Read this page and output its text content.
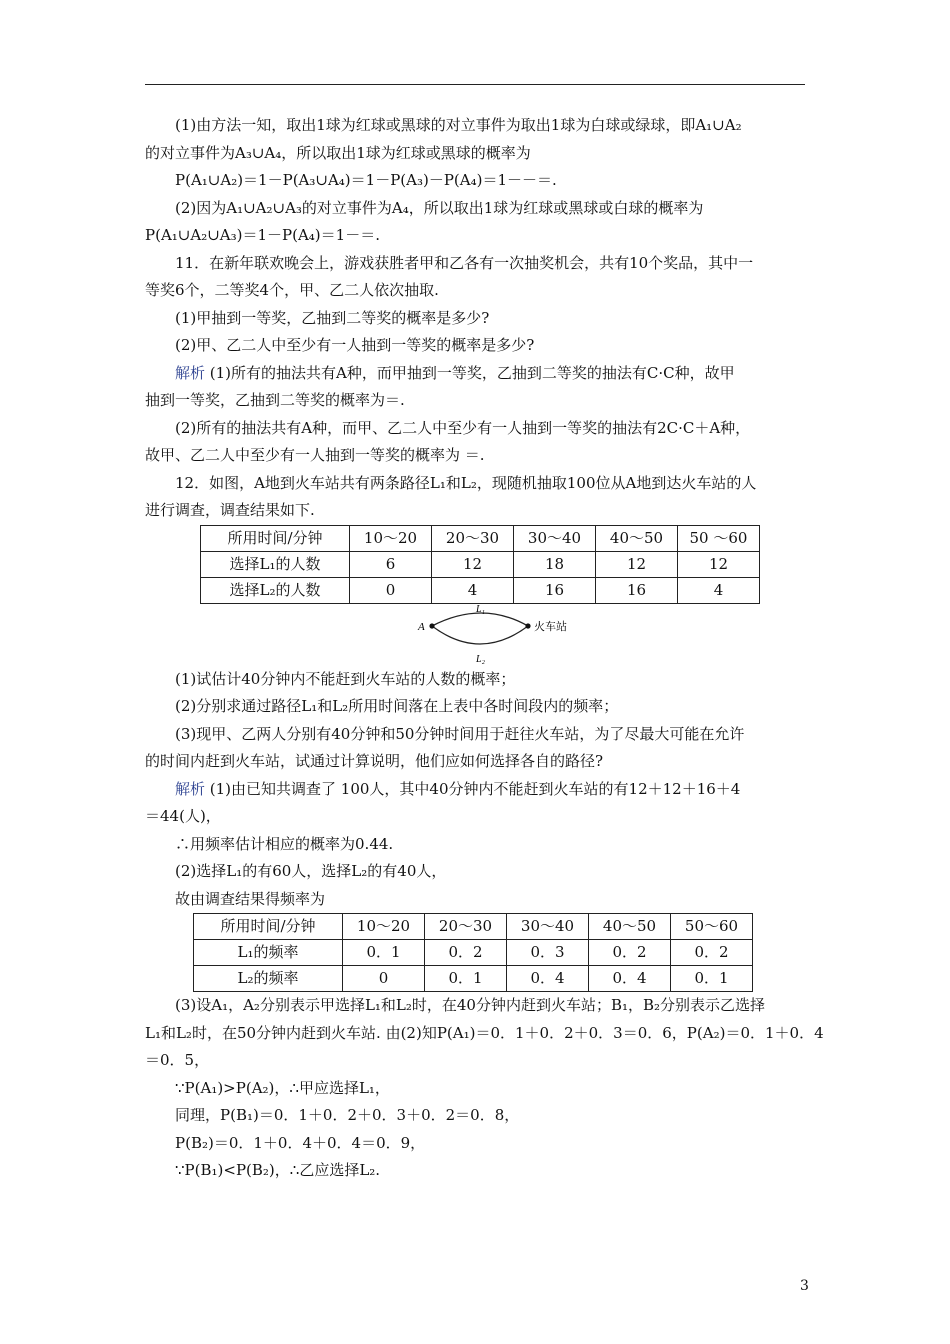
(1)由方法一知，取出1球为红球或黑球的对立事件为取出1球为白球或绿球，即A₁∪A₂

的对立事件为A₃∪A₄，所以取出1球为红球或黑球的概率为

P(A₁∪A₂)＝1－P(A₃∪A₄)＝1－P(A₃)－P(A₄)＝1－－＝.

(2)因为A₁∪A₂∪A₃的对立事件为A₄，所以取出1球为红球或黑球或白球的概率为

P(A₁∪A₂∪A₃)＝1－P(A₄)＝1－＝.

11．在新年联欢晚会上，游戏获胜者甲和乙各有一次抽奖机会，共有10个奖品，其中一

等奖6个，二等奖4个，甲、乙二人依次抽取.

(1)甲抽到一等奖，乙抽到二等奖的概率是多少?

(2)甲、乙二人中至少有一人抽到一等奖的概率是多少?

解析 (1)所有的抽法共有A种，而甲抽到一等奖，乙抽到二等奖的抽法有C·C种，故甲

抽到一等奖，乙抽到二等奖的概率为＝.

(2)所有的抽法共有A种，而甲、乙二人中至少有一人抽到一等奖的抽法有2C·C＋A种，

故甲、乙二人中至少有一人抽到一等奖的概率为 ＝.

12．如图，A地到火车站共有两条路径L₁和L₂，现随机抽取100位从A地到达火车站的人

进行调查，调查结果如下.

所用时间/分钟	10～20	20～30	30～40	40～50	50 ～60
选择L₁的人数	6	12	18	12	12
选择L₂的人数	0	4	16	16	4
A	火车站
L₁
L₂

(1)试估计40分钟内不能赶到火车站的人数的概率；

(2)分别求通过路径L₁和L₂所用时间落在上表中各时间段内的频率；

(3)现甲、乙两人分别有40分钟和50分钟时间用于赶往火车站，为了尽最大可能在允许

的时间内赶到火车站，试通过计算说明，他们应如何选择各自的路径?

解析 (1)由已知共调查了 100人，其中40分钟内不能赶到火车站的有12＋12＋16＋4

＝44(人)，

∴用频率估计相应的概率为0.44.

(2)选择L₁的有60人，选择L₂的有40人，

故由调查结果得频率为

所用时间/分钟	10～20	20～30	30～40	40～50	50～60
L₁的频率	0．1	0．2	0．3	0．2	0．2
L₂的频率	0	0．1	0．4	0．4	0．1

(3)设A₁，A₂分别表示甲选择L₁和L₂时，在40分钟内赶到火车站；B₁，B₂分别表示乙选择

L₁和L₂时，在50分钟内赶到火车站. 由(2)知P(A₁)＝0．1＋0．2＋0．3＝0．6，P(A₂)＝0．1＋0．4

＝0．5，

∵P(A₁)>P(A₂)，∴甲应选择L₁，

同理，P(B₁)＝0．1＋0．2＋0．3＋0．2＝0．8，

P(B₂)＝0．1＋0．4＋0．4＝0．9，

∵P(B₁)<P(B₂)，∴乙应选择L₂.

3
